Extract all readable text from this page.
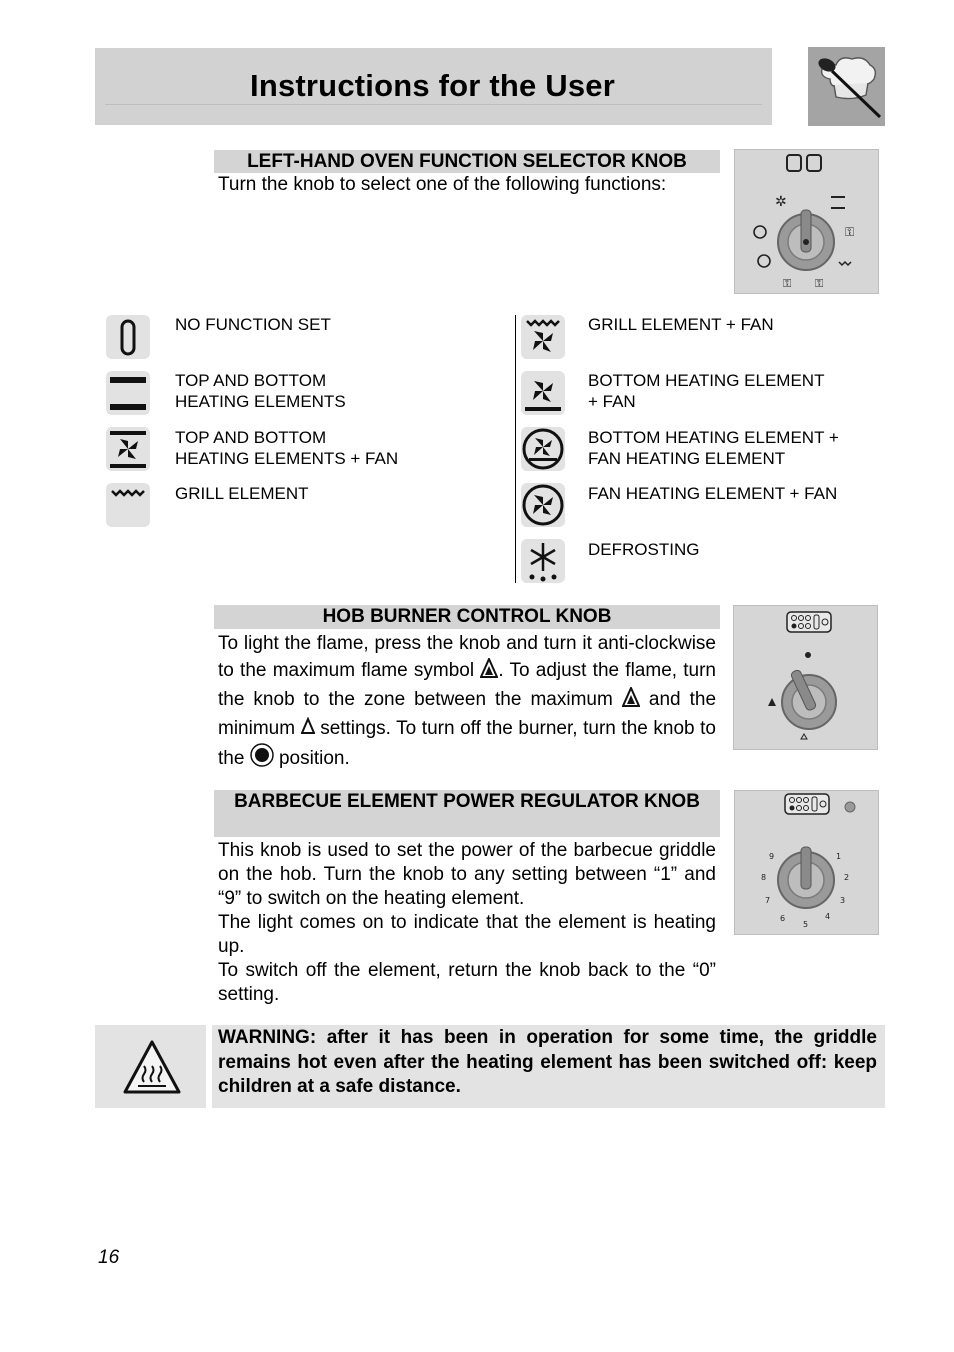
Instructions for the User
LEFT-HAND OVEN FUNCTION SELECTOR KNOB
Turn the knob to select one of the following functions:
✲
⚿
⚿ ⚿
NO FUNCTION SET
TOP AND BOTTOM
HEATING ELEMENTS
TOP AND BOTTOM
HEATING ELEMENTS + FAN
GRILL ELEMENT
GRILL ELEMENT + FAN
BOTTOM HEATING ELEMENT
+ FAN
BOTTOM HEATING ELEMENT +
FAN HEATING ELEMENT
FAN HEATING ELEMENT + FAN
DEFROSTING
HOB BURNER CONTROL KNOB
To light the flame, press the knob and turn it anti-clockwise to the maximum flame symbol . To adjust the flame, turn the knob to the zone between the maximum and the minimum settings. To turn off the burner, turn the knob to the position.
BARBECUE ELEMENT POWER REGULATOR KNOB
This knob is used to set the power of the barbecue griddle on the hob. Turn the knob to any setting between “1” and “9” to switch on the heating element.
The light comes on to indicate that the element is heating up.
To switch off the element, return the knob back to the “0” setting.
1
2
3
4
5
6
7
8
9
WARNING: after it has been in operation for some time, the griddle remains hot even after the heating element has been switched off: keep children at a safe distance.
16
